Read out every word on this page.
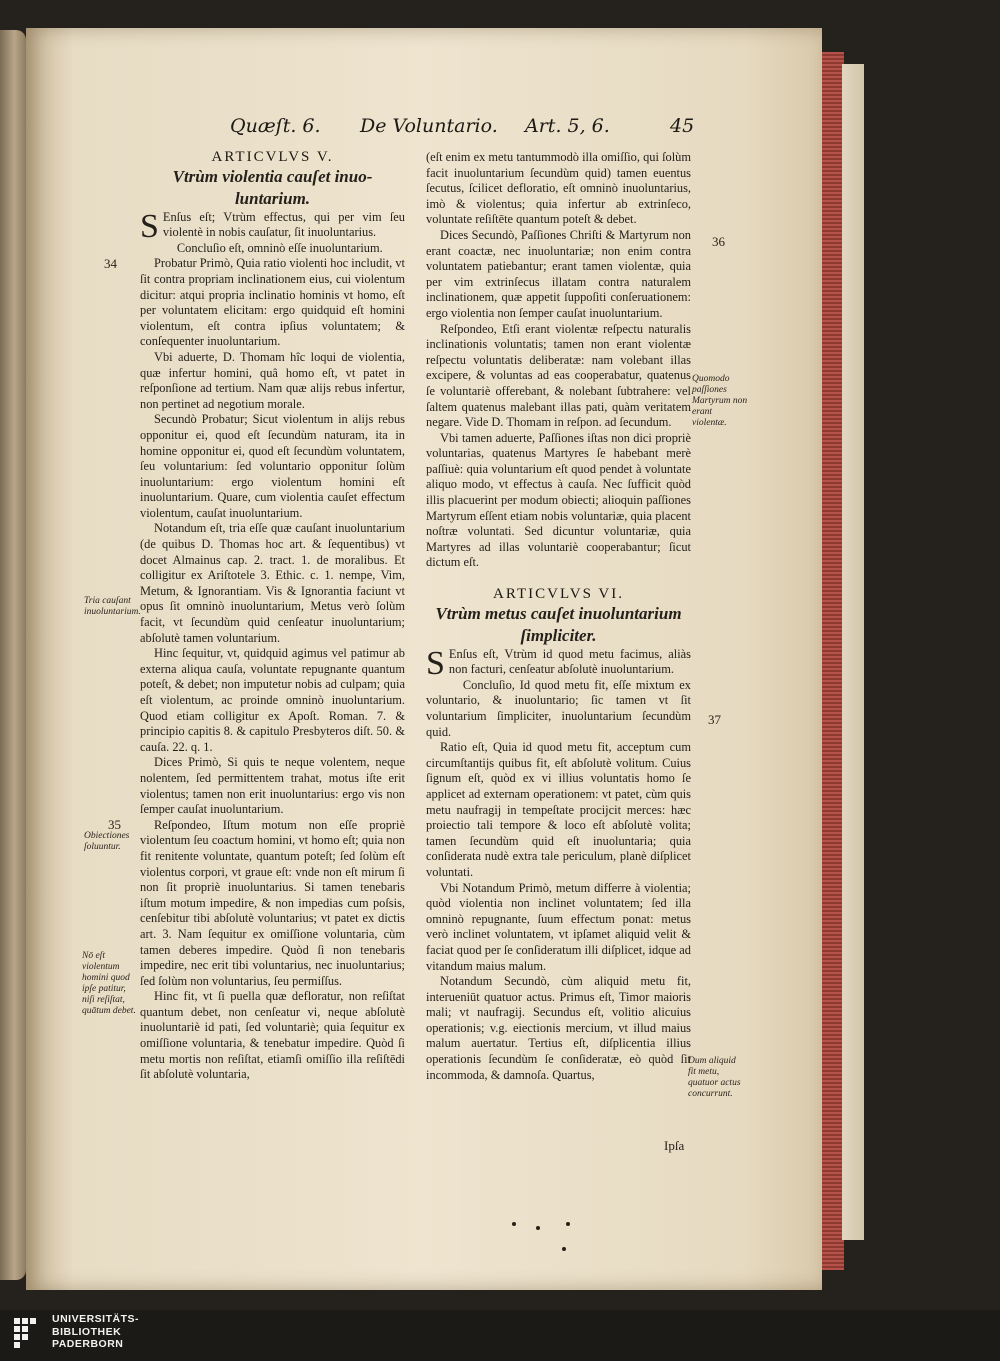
Quæſt. 6. De Voluntario. Art. 5, 6.	45

ARTICVLVS V.

Vtrùm violentia cauſet inuo-luntarium.

S Enſus eſt; Vtrùm effectus, qui per vim ſeu violentè in nobis cauſatur, ſit inuoluntarius.

Concluſio eſt, omninò eſſe inuoluntarium.

Probatur Primò, Quia ratio violenti hoc includit, vt ſit contra propriam inclinationem eius, cui violentum dicitur: atqui propria inclinatio hominis vt homo, eſt per voluntatem elicitam: ergo quidquid eſt homini violentum, eſt contra ipſius voluntatem; & conſequenter inuoluntarium.

Vbi aduerte, D. Thomam hîc loqui de violentia, quæ infertur homini, quâ homo eſt, vt patet in reſponſione ad tertium. Nam quæ alijs rebus infertur, non pertinet ad negotium morale.

Secundò Probatur; Sicut violentum in alijs rebus opponitur ei, quod eſt ſecundùm naturam, ita in homine opponitur ei, quod eſt ſecundùm voluntatem, ſeu voluntarium: ſed voluntario opponitur ſolùm inuoluntarium: ergo violentum homini eſt inuoluntarium. Quare, cum violentia cauſet effectum violentum, cauſat inuoluntarium.

Notandum eſt, tria eſſe quæ cauſant inuoluntarium (de quibus D. Thomas hoc art. & ſequentibus) vt docet Almainus cap. 2. tract. 1. de moralibus. Et colligitur ex Ariſtotele 3. Ethic. c. 1. nempe, Vim, Metum, & Ignorantiam. Vis & Ignorantia faciunt vt opus ſit omninò inuoluntarium, Metus verò ſolùm facit, vt ſecundùm quid cenſeatur inuoluntarium; abſolutè tamen voluntarium.

Hinc ſequitur, vt, quidquid agimus vel patimur ab externa aliqua cauſa, voluntate repugnante quantum poteſt, & debet; non imputetur nobis ad culpam; quia eſt violentum, ac proinde omninò inuoluntarium. Quod etiam colligitur ex Apoſt. Roman. 7. & principio capitis 8. & capitulo Presbyteros diſt. 50. & cauſa. 22. q. 1.

Dices Primò, Si quis te neque volentem, neque nolentem, ſed permittentem trahat, motus iſte erit violentus; tamen non erit inuoluntarius: ergo vis non ſemper cauſat inuoluntarium.

Reſpondeo, Iſtum motum non eſſe propriè violentum ſeu coactum homini, vt homo eſt; quia non fit renitente voluntate, quantum poteſt; ſed ſolùm eſt violentus corpori, vt graue eſt: vnde non eſt mirum ſi non ſit propriè inuoluntarius. Si tamen tenebaris iſtum motum impedire, & non impedias cum poſsis, cenſebitur tibi abſolutè voluntarius; vt patet ex dictis art. 3. Nam ſequitur ex omiſſione voluntaria, cùm tamen deberes impedire. Quòd ſi non tenebaris impedire, nec erit tibi voluntarius, nec inuoluntarius; ſed ſolùm non voluntarius, ſeu permiſſus.

Hinc fit, vt ſi puella quæ defloratur, non reſiſtat quantum debet, non cenſeatur vi, neque abſolutè inuoluntariè id pati, ſed voluntariè; quia ſequitur ex omiſſione voluntaria, & tenebatur impedire. Quòd ſi metu mortis non reſiſtat, etiamſi omiſſio illa reſiſtēdi ſit abſolutè voluntaria,

(eſt enim ex metu tantummodò illa omiſſio, qui ſolùm facit inuoluntarium ſecundùm quid) tamen euentus ſecutus, ſcilicet defloratio, eſt omninò inuoluntarius, imò & violentus; quia infertur ab extrinſeco, voluntate reſiſtēte quantum poteſt & debet.

Dices Secundò, Paſſiones Chriſti & Martyrum non erant coactæ, nec inuoluntariæ; non enim contra voluntatem patiebantur; erant tamen violentæ, quia per vim extrinſecus illatam contra naturalem inclinationem, quæ appetit ſuppoſiti conſeruationem: ergo violentia non ſemper cauſat inuoluntarium.

Reſpondeo, Etſi erant violentæ reſpectu naturalis inclinationis voluntatis; tamen non erant violentæ reſpectu voluntatis deliberatæ: nam volebant illas excipere, & voluntas ad eas cooperabatur, quatenus ſe voluntariè offerebant, & nolebant ſubtrahere: vel ſaltem quatenus malebant illas pati, quàm veritatem negare. Vide D. Thomam in reſpon. ad ſecundum.

Vbi tamen aduerte, Paſſiones iſtas non dici propriè voluntarias, quatenus Martyres ſe habebant merè paſſiuè: quia voluntarium eſt quod pendet à voluntate aliquo modo, vt effectus à cauſa. Nec ſufficit quòd illis placuerint per modum obiecti; alioquin paſſiones Martyrum eſſent etiam nobis voluntariæ, quia placent noſtræ voluntati. Sed dicuntur voluntariæ, quia Martyres ad illas voluntariè cooperabantur; ſicut dictum eſt.

ARTICVLVS VI.

Vtrùm metus cauſet inuoluntarium ſimpliciter.

S Enſus eſt, Vtrùm id quod metu facimus, aliàs non facturi, cenſeatur abſolutè inuoluntarium.

Concluſio, Id quod metu fit, eſſe mixtum ex voluntario, & inuoluntario; ſic tamen vt ſit voluntarium ſimpliciter, inuoluntarium ſecundùm quid.

Ratio eſt, Quia id quod metu fit, acceptum cum circumſtantijs quibus fit, eſt abſolutè volitum. Cuius ſignum eſt, quòd ex vi illius voluntatis homo ſe applicet ad externam operationem: vt patet, cùm quis metu naufragij in tempeſtate procijcit merces: hæc proiectio tali tempore & loco eſt abſolutè volita; tamen ſecundùm quid eſt inuoluntaria; quia conſiderata nudè extra tale periculum, planè diſplicet voluntati.

Vbi Notandum Primò, metum differre à violentia; quòd violentia non inclinet voluntatem; ſed illa omninò repugnante, ſuum effectum ponat: metus verò inclinet voluntatem, vt ipſamet aliquid velit & faciat quod per ſe conſideratum illi diſplicet, idque ad vitandum maius malum.

Notandum Secundò, cùm aliquid metu fit, interueniūt quatuor actus. Primus eſt, Timor maioris mali; vt naufragij. Secundus eſt, volitio alicuius operationis; v.g. eiectionis mercium, vt illud maius malum auertatur. Tertius eſt, diſplicentia illius operationis ſecundùm ſe conſideratæ, eò quòd ſit incommoda, & damnoſa. Quartus,

Ipſa
34
35
36
37
Tria cauſant inuoluntarium.
Obiectiones ſoluuntur.
Nō eſt violentum homini quod ipſe patitur, niſi reſiſtat, quātum debet.
Quomodo paſſiones Martyrum non erant violentæ.
Dum aliquid fit metu, quatuor actus concurrunt.
UNIVERSITÄTS-
BIBLIOTHEK
PADERBORN
